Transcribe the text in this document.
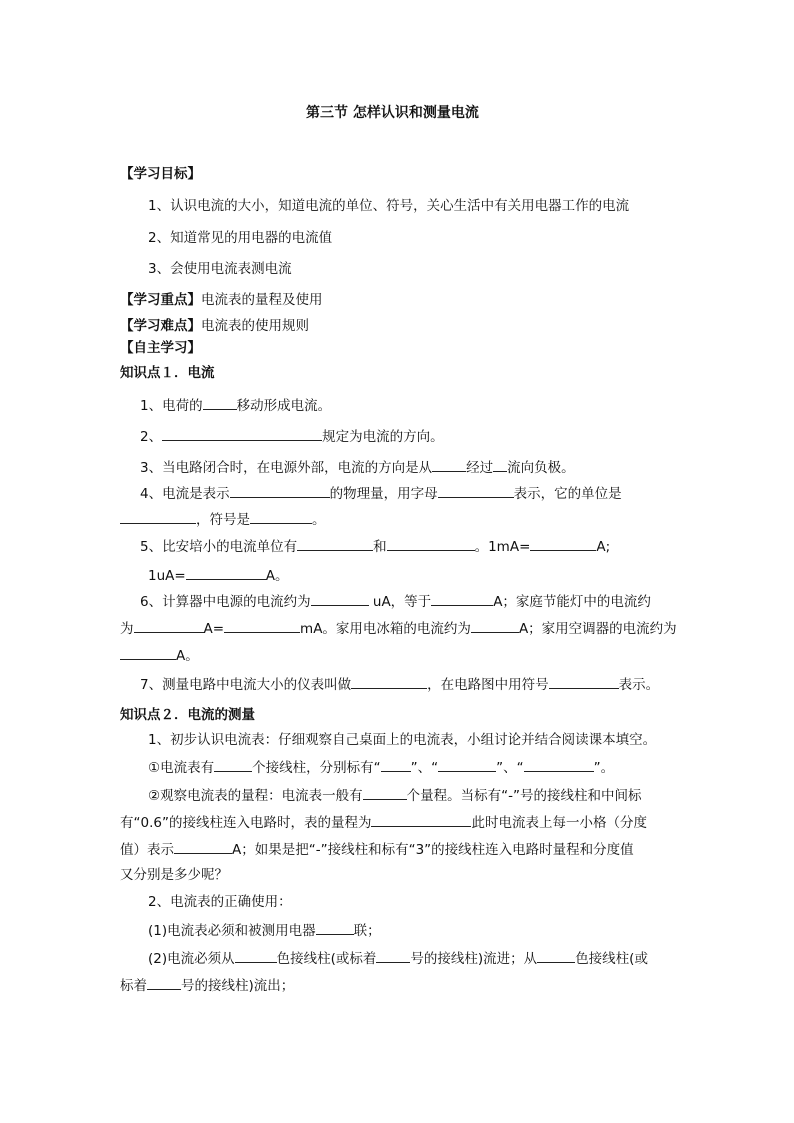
第三节 怎样认识和测量电流
【学习目标】
1、认识电流的大小，知道电流的单位、符号，关心生活中有关用电器工作的电流
2、知道常见的用电器的电流值
3、会使用电流表测电流
【学习重点】电流表的量程及使用
【学习难点】电流表的使用规则
【自主学习】
知识点１．电流
1、电荷的	移动形成电流。
2、	规定为电流的方向。
3、当电路闭合时，在电源外部，电流的方向是从	经过 流向负极。
4、电流是表示	的物理量，用字母	表示，它的单位是
，符号是	。
5、比安培小的电流单位有	和	。1mA=	A;
1uA=	A。
6、计算器中电源的电流约为	uA，等于	A；家庭节能灯中的电流约
为	A=	mA。家用电冰箱的电流约为	A；家用空调器的电流约为
A。
7、测量电路中电流大小的仪表叫做	，在电路图中用符号	表示。
知识点２．电流的测量
1、初步认识电流表：仔细观察自己桌面上的电流表，小组讨论并结合阅读课本填空。
①电流表有	个接线柱，分别标有“ ”、“	”、“	”。
②观察电流表的量程：电流表一般有	个量程。当标有“-”号的接线柱和中间标
有“0.6”的接线柱连入电路时，表的量程为	此时电流表上每一小格（分度
值）表示	A；如果是把“-”接线柱和标有“3”的接线柱连入电路时量程和分度值
又分别是多少呢？
2、电流表的正确使用：
(1)电流表必须和被测用电器	联；
(2)电流必须从	色接线柱(或标着	号的接线柱)流进；从	色接线柱(或
标着	号的接线柱)流出；
